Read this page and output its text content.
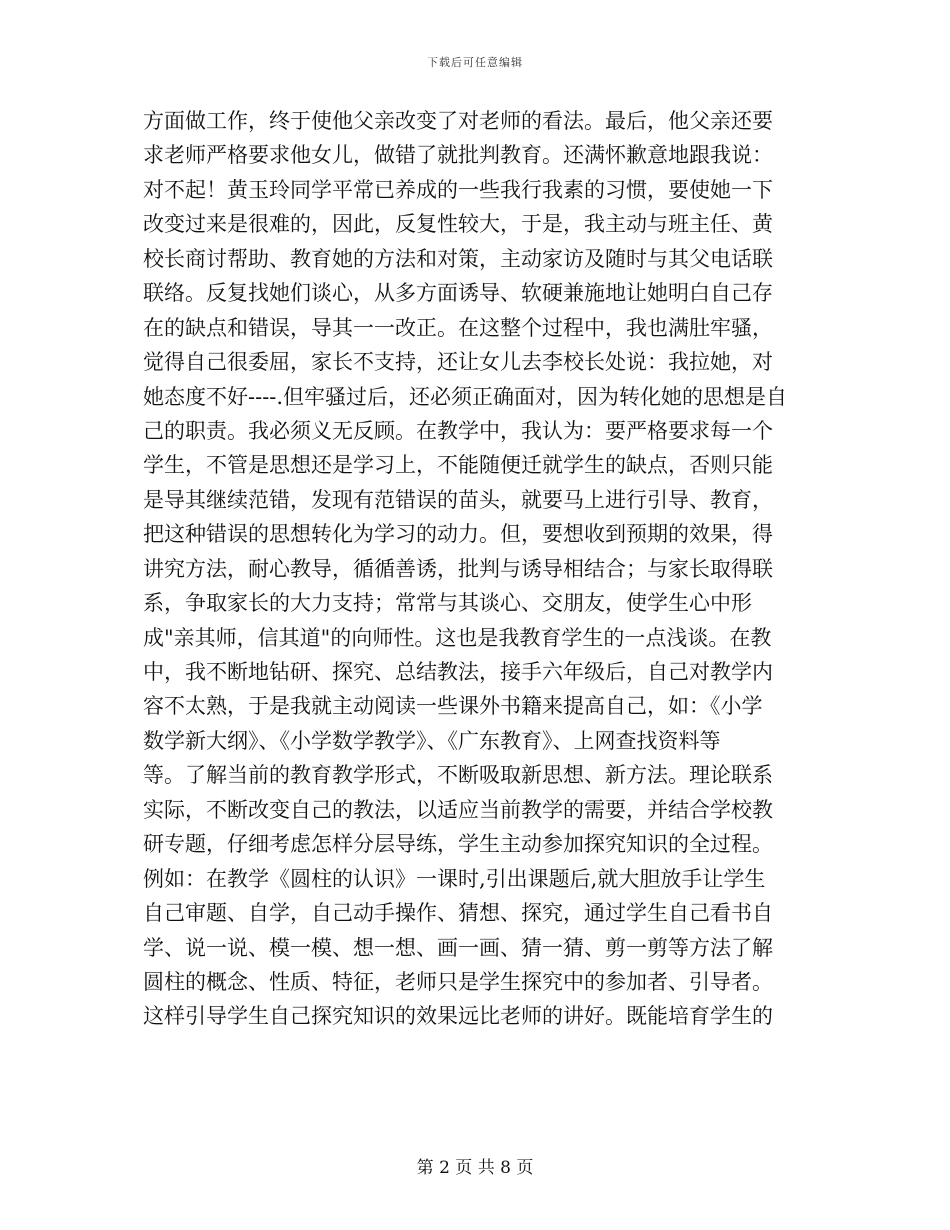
下载后可任意编辑
方面做工作，终于使他父亲改变了对老师的看法。最后，他父亲还要
求老师严格要求他女儿，做错了就批判教育。还满怀歉意地跟我说：
对不起！黄玉玲同学平常已养成的一些我行我素的习惯，要使她一下
改变过来是很难的，因此，反复性较大，于是，我主动与班主任、黄
校长商讨帮助、教育她的方法和对策，主动家访及随时与其父电话联
联络。反复找她们谈心，从多方面诱导、软硬兼施地让她明白自己存
在的缺点和错误，导其一一改正。在这整个过程中，我也满肚牢骚，
觉得自己很委屈，家长不支持，还让女儿去李校长处说：我拉她，对
她态度不好----.但牢骚过后，还必须正确面对，因为转化她的思想是自
己的职责。我必须义无反顾。在教学中，我认为：要严格要求每一个
学生，不管是思想还是学习上，不能随便迁就学生的缺点，否则只能
是导其继续范错，发现有范错误的苗头，就要马上进行引导、教育，
把这种错误的思想转化为学习的动力。但，要想收到预期的效果，得
讲究方法，耐心教导，循循善诱，批判与诱导相结合；与家长取得联
系，争取家长的大力支持；常常与其谈心、交朋友，使学生心中形
成"亲其师，信其道"的向师性。这也是我教育学生的一点浅谈。在教
中，我不断地钻研、探究、总结教法，接手六年级后，自己对教学内
容不太熟，于是我就主动阅读一些课外书籍来提高自己，如：《小学
数学新大纲》、《小学数学教学》、《广东教育》、上网查找资料等
等。了解当前的教育教学形式，不断吸取新思想、新方法。理论联系
实际，不断改变自己的教法，以适应当前教学的需要，并结合学校教
研专题，仔细考虑怎样分层导练，学生主动参加探究知识的全过程。
例如：在教学《圆柱的认识》一课时,引出课题后,就大胆放手让学生
自己审题、自学，自己动手操作、猜想、探究，通过学生自己看书自
学、说一说、模一模、想一想、画一画、猜一猜、剪一剪等方法了解
圆柱的概念、性质、特征，老师只是学生探究中的参加者、引导者。
这样引导学生自己探究知识的效果远比老师的讲好。既能培育学生的
第 2 页 共 8 页
